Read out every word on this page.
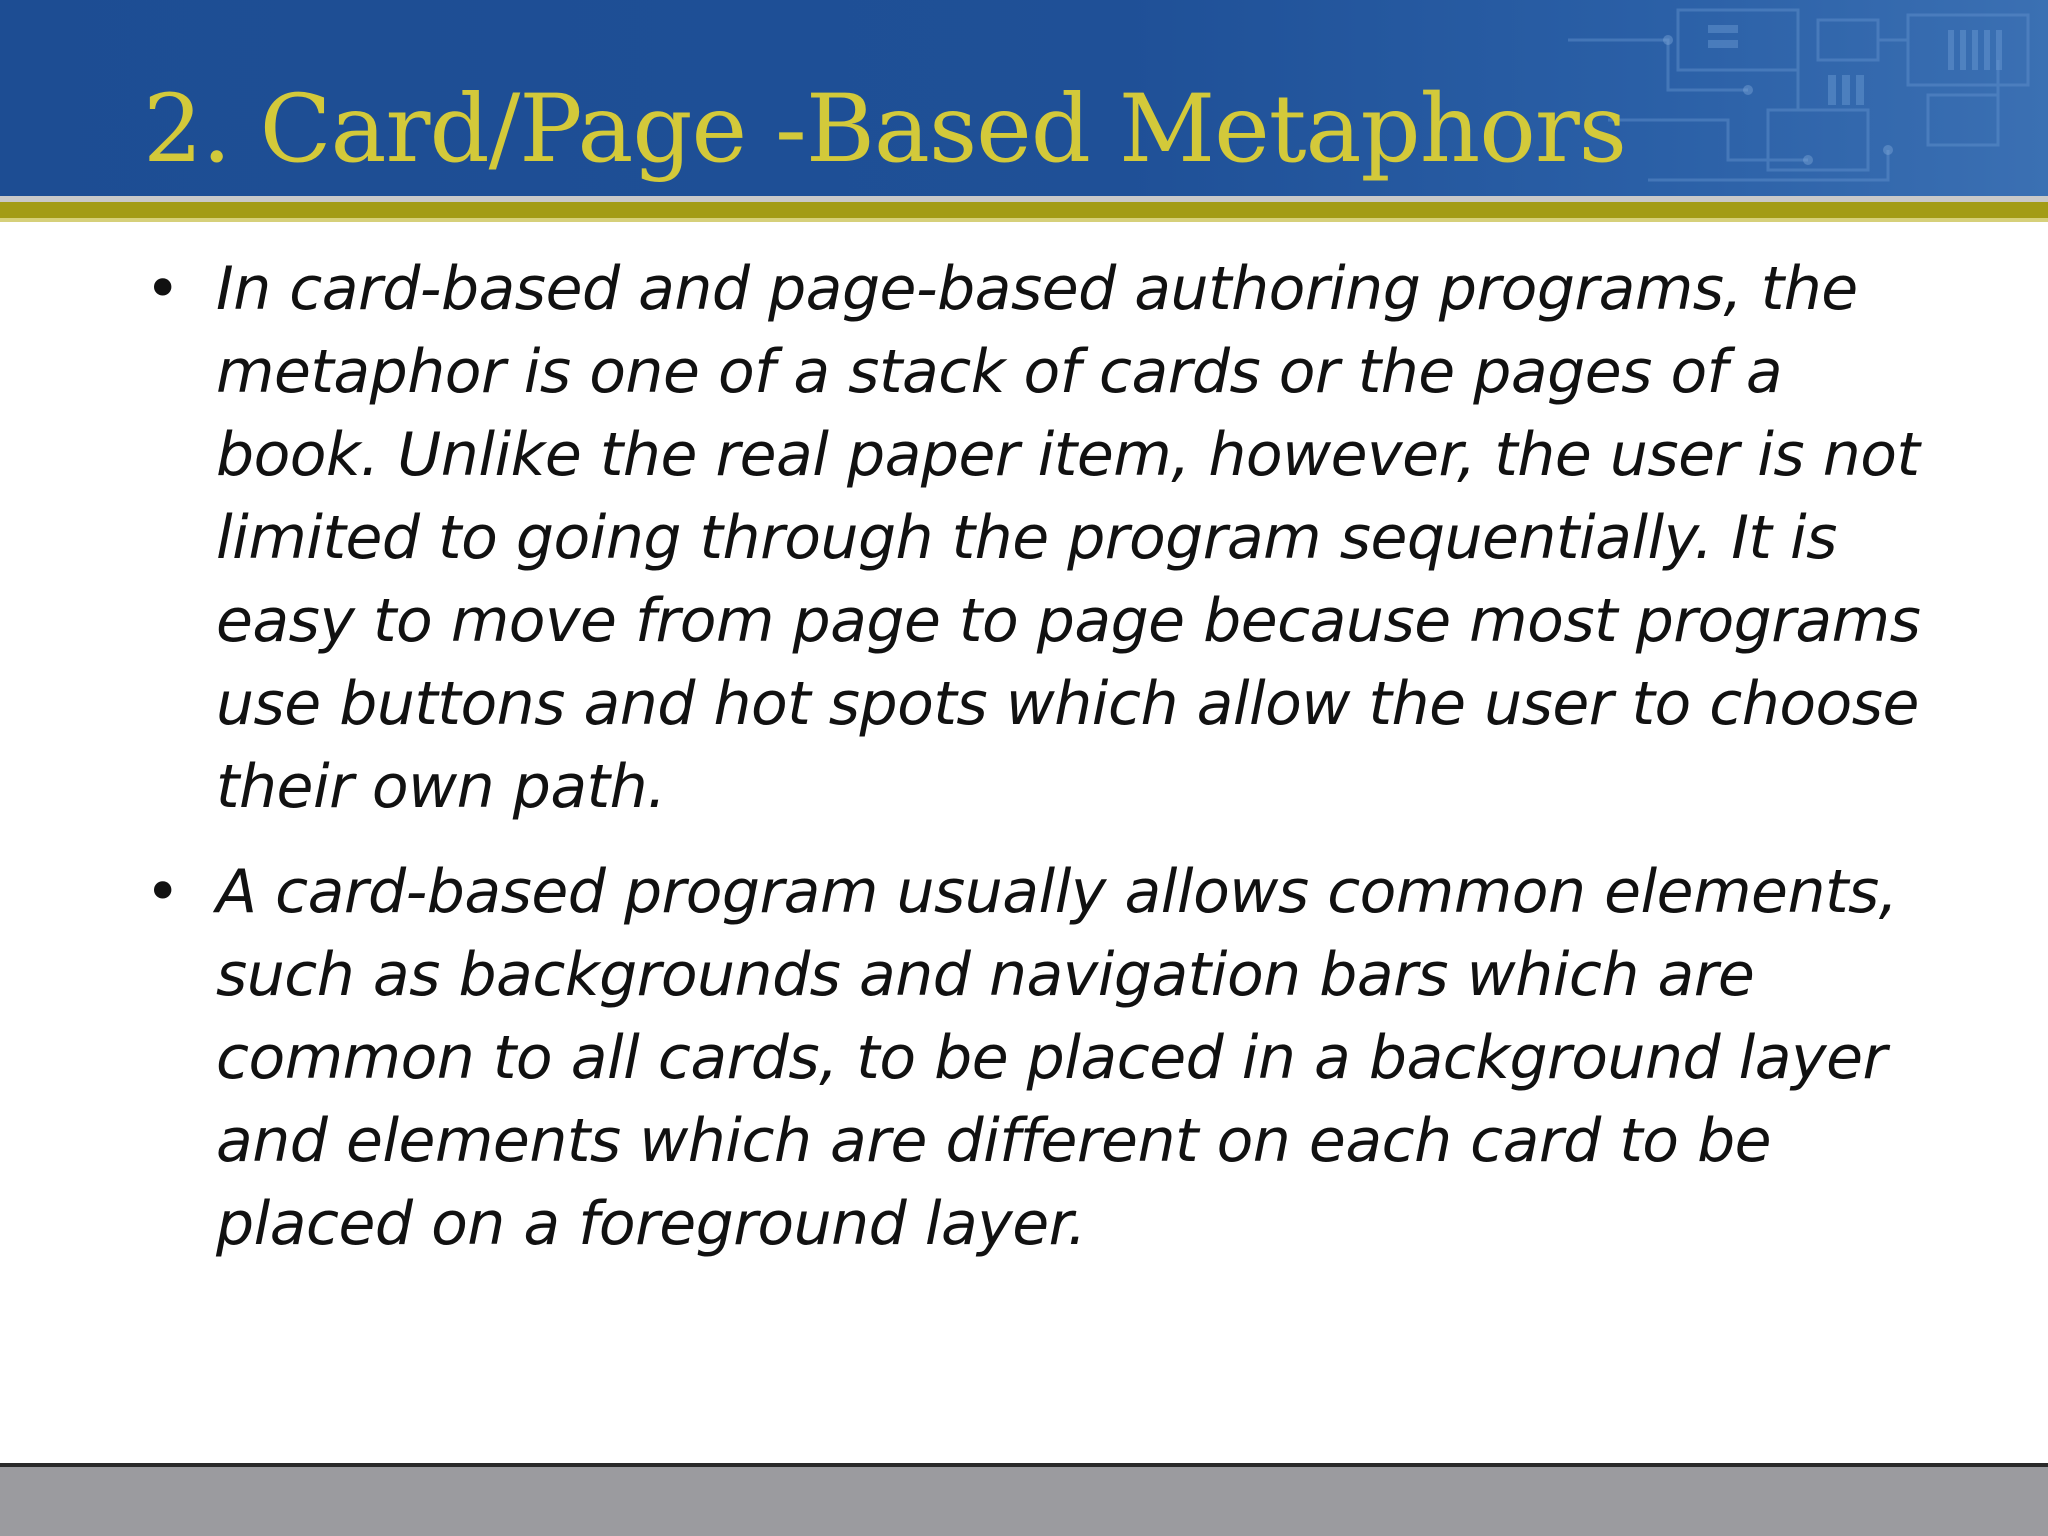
2. Card/Page -Based Metaphors
• In card-based and page-based authoring programs, the metaphor is one of a stack of cards or the pages of a book. Unlike the real paper item, however, the user is not limited to going through the program sequentially. It is easy to move from page to page because most programs use buttons and hot spots which allow the user to choose their own path.

• A card-based program usually allows common elements, such as backgrounds and navigation bars which are common to all cards, to be placed in a background layer and elements which are different on each card to be placed on a foreground layer.
